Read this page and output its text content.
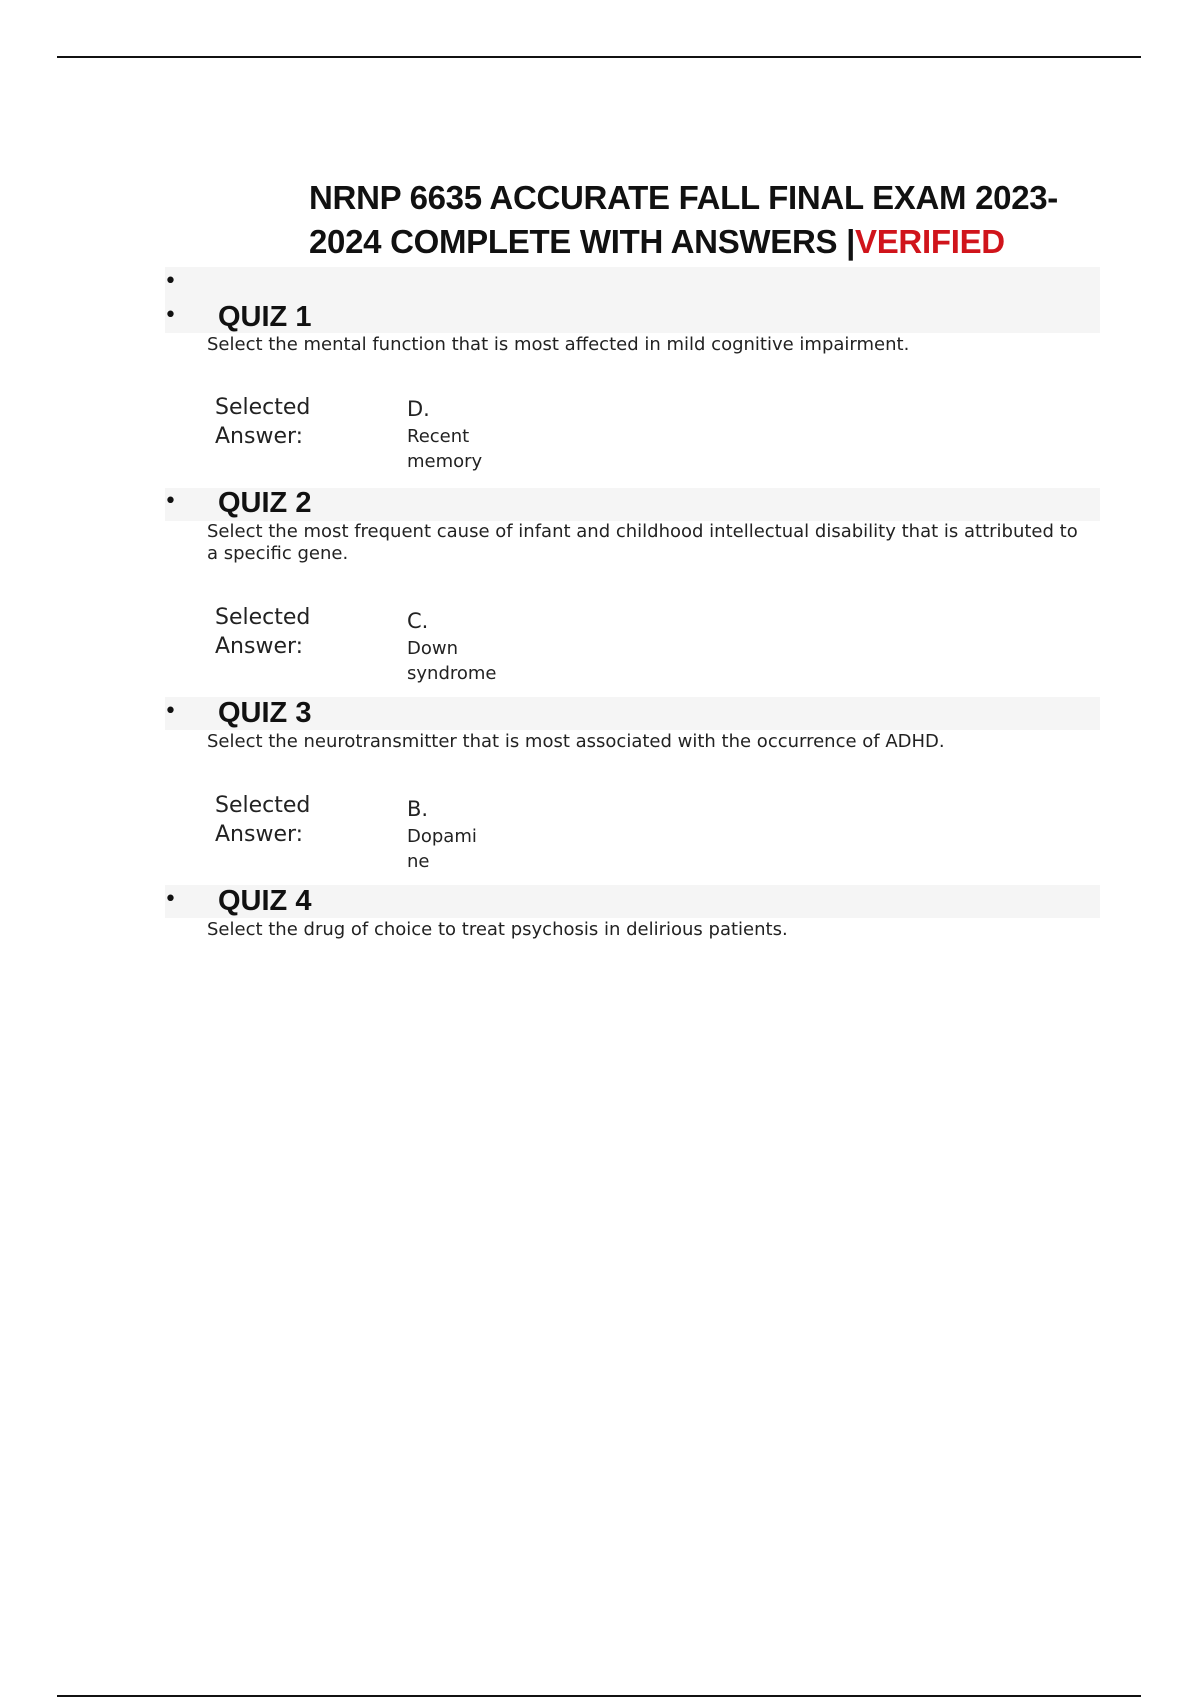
NRNP 6635 ACCURATE FALL FINAL EXAM 2023-
2024 COMPLETE WITH ANSWERS |VERIFIED
•
• QUIZ 1
Select the mental function that is most affected in mild cognitive impairment.
Selected
Answer:
D.
Recent
memory
• QUIZ 2
Select the most frequent cause of infant and childhood intellectual disability that is attributed to a specific gene.
Selected
Answer:
C.
Down
syndrome
• QUIZ 3
Select the neurotransmitter that is most associated with the occurrence of ADHD.
Selected
Answer:
B.
Dopami
ne
• QUIZ 4
Select the drug of choice to treat psychosis in delirious patients.
